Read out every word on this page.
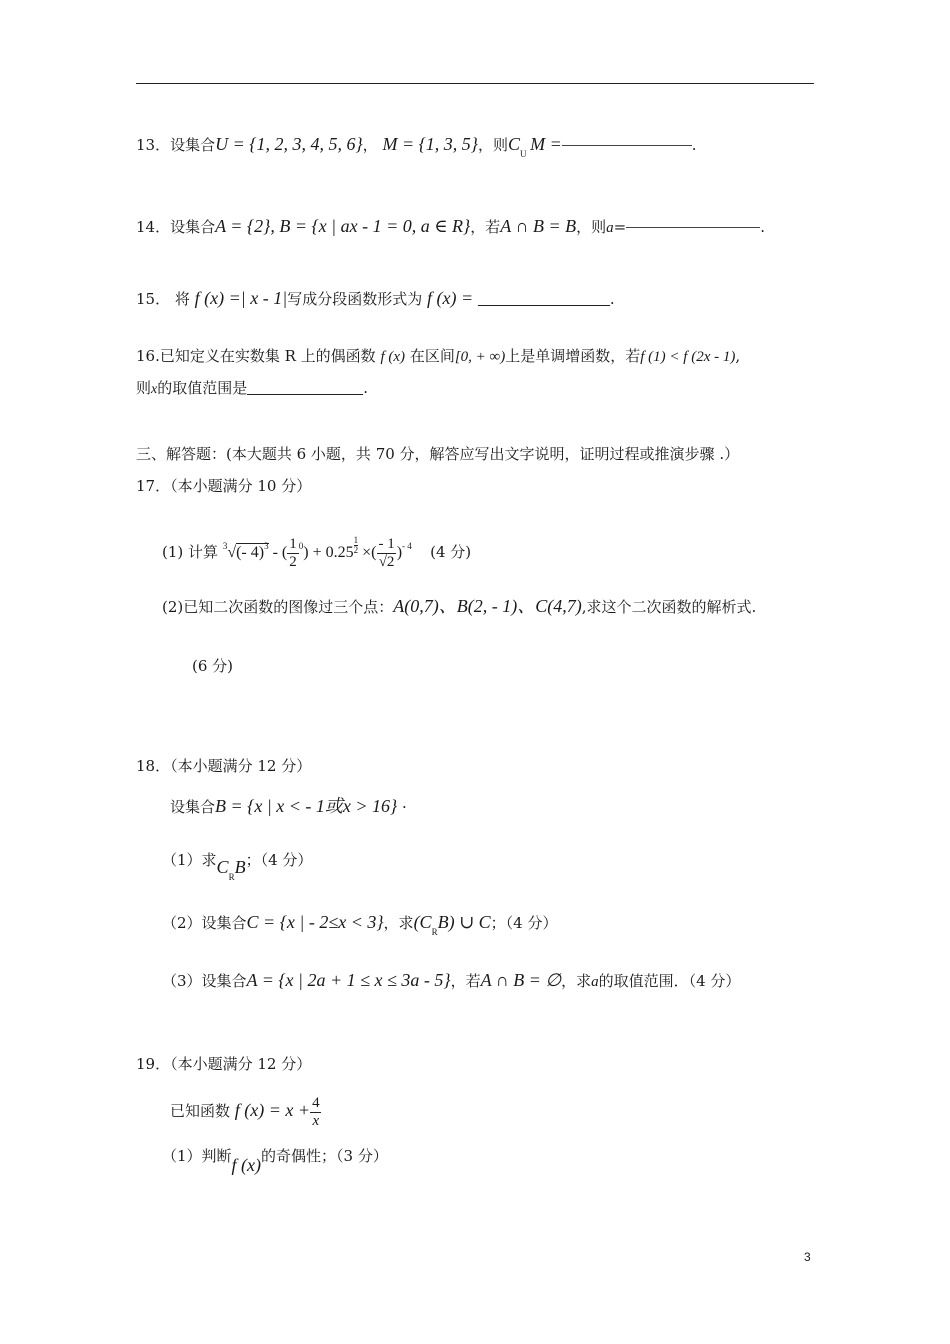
13．设集合U = {1, 2, 3, 4, 5, 6}， M = {1, 3, 5}，则$C_U$  M =	.
14．设集合A = {2}, B = {x | ax - 1 = 0, a ∈ R}，若A ∩ B = B，则a=	.
15． 将 f (x) =| x - 1|写成分段函数形式为 f (x) =	.
16.已知定义在实数集 R 上的偶函数 f (x) 在区间[0, + ∞)上是单调增函数，若f (1) < f (2x - 1),
则x的取值范围是	.
三、解答题：(本大题共 6 小题，共 70 分，解答应写出文字说明，证明过程或推演步骤 .）
17．（本小题满分 10 分）
(1) 计算 $^3$√(- 4)$^3$ - ( $\frac{1}{2} ^0) + 0.25 \frac{1}{2}$ ×( $\frac{- 1}{√2} )^{- 4}$ (4 分)
(2)已知二次函数的图像过三个点：A(0,7)、B(2, - 1)、C(4,7),求这个二次函数的解析式.
(6 分)
18．（本小题满分 12 分）
设集合B = {x | x < - 1或x > 16} ·
（1）求$C_RB$；（4 分）
（2）设集合C = {x | - 2≤x < 3}，求$(C_RB)$ ∪ C；（4 分）
（3）设集合A = {x | 2a + 1 ≤ x ≤ 3a - 5}，若A ∩ B = ∅，求a的取值范围．（4 分）
19．（本小题满分 12 分）
已知函数 f $(x) = x + \frac{4}{x}$
（1）判断f (x)的奇偶性；（3 分）
3
